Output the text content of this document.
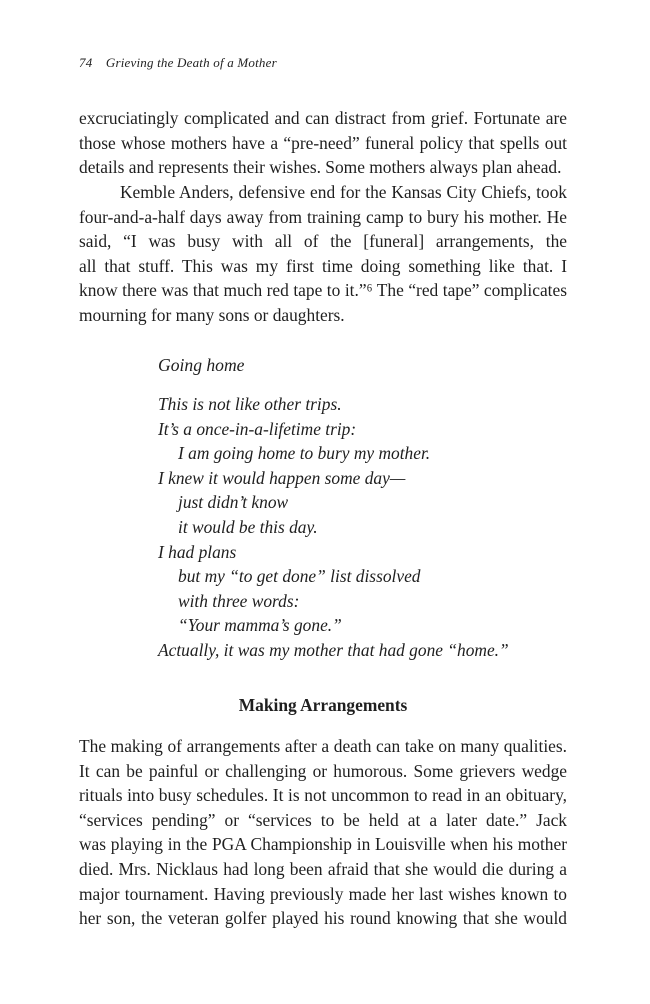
74 Grieving the Death of a Mother
excruciatingly complicated and can distract from grief. Fortunate are
those whose mothers have a “pre-need” funeral policy that spells out
details and represents their wishes. Some mothers always plan ahead.
Kemble Anders, defensive end for the Kansas City Chiefs, took
four-and-a-half days away from training camp to bury his mother. He
said, “I was busy with all of the [funeral] arrangements, the
all that stuff. This was my first time doing something like that. I
know there was that much red tape to it.”⁶ The “red tape” complicates
mourning for many sons or daughters.
Going home
This is not like other trips.
It’s a once-in-a-lifetime trip:
I am going home to bury my mother.
I knew it would happen some day—
just didn’t know
it would be this day.
I had plans
but my “to get done” list dissolved
with three words:
“Your mamma’s gone.”
Actually, it was my mother that had gone “home.”
Making Arrangements
The making of arrangements after a death can take on many qualities.
It can be painful or challenging or humorous. Some grievers wedge
rituals into busy schedules. It is not uncommon to read in an obituary,
“services pending” or “services to be held at a later date.” Jack
was playing in the PGA Championship in Louisville when his mother
died. Mrs. Nicklaus had long been afraid that she would die during a
major tournament. Having previously made her last wishes known to
her son, the veteran golfer played his round knowing that she would
